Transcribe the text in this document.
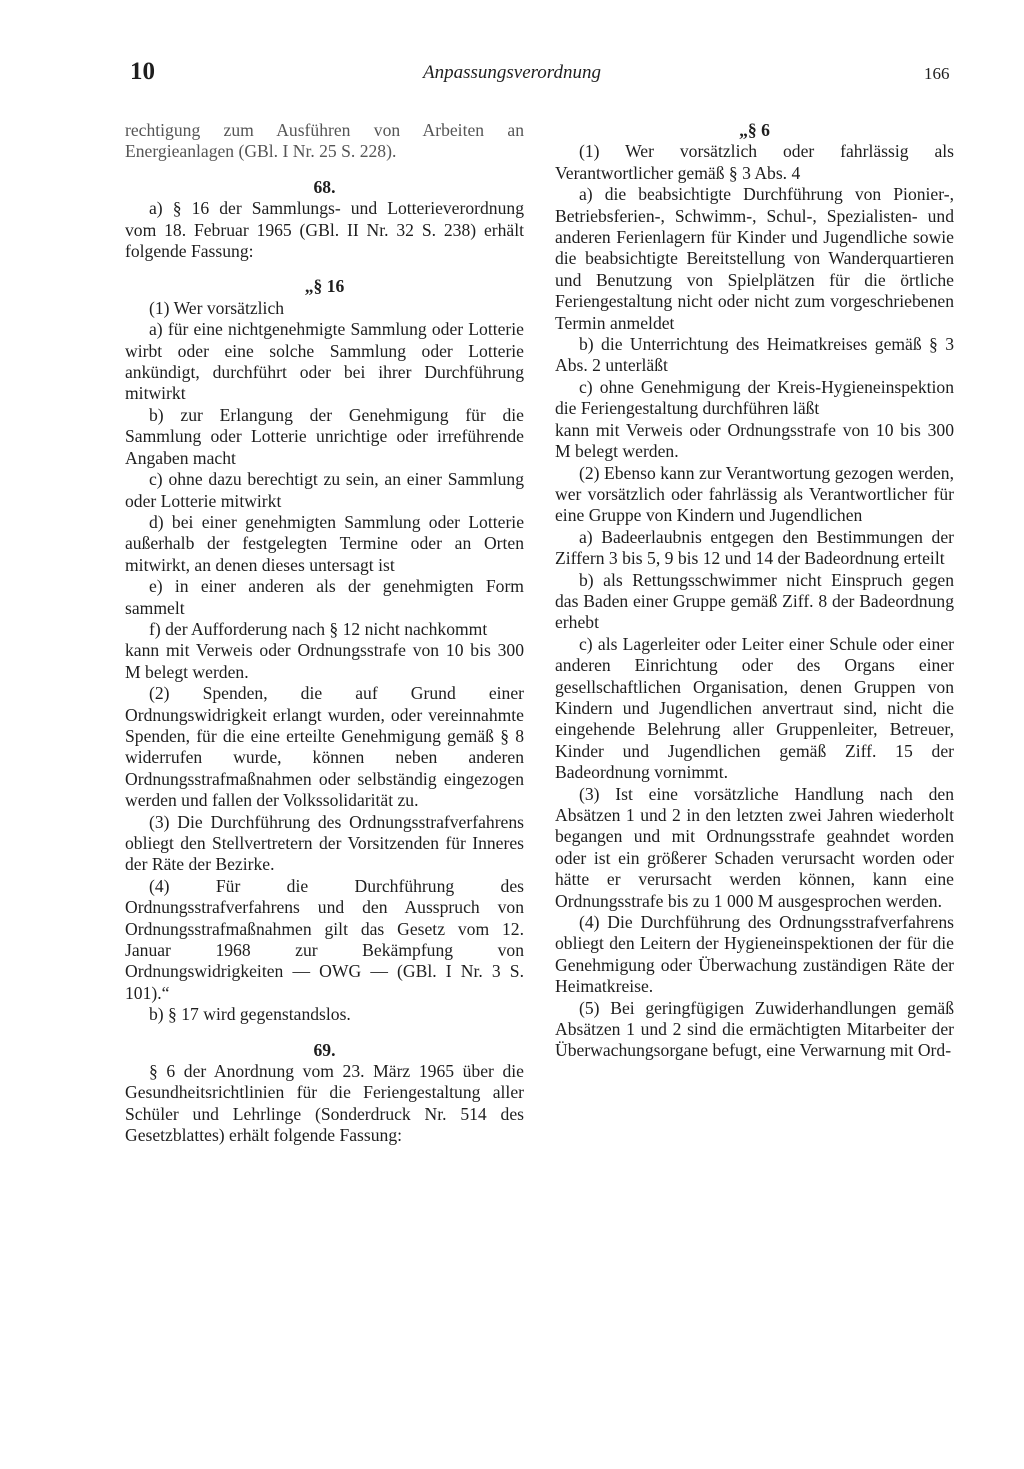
10	Anpassungsverordnung	166

rechtigung zum Ausführen von Arbeiten an Energieanlagen (GBl. I Nr. 25 S. 228).

68.

a) § 16 der Sammlungs- und Lotterieverordnung vom 18. Februar 1965 (GBl. II Nr. 32 S. 238) erhält folgende Fassung:

„§ 16

(1) Wer vorsätzlich

a) für eine nichtgenehmigte Sammlung oder Lotterie wirbt oder eine solche Sammlung oder Lotterie ankündigt, durchführt oder bei ihrer Durchführung mitwirkt

b) zur Erlangung der Genehmigung für die Sammlung oder Lotterie unrichtige oder irreführende Angaben macht

c) ohne dazu berechtigt zu sein, an einer Sammlung oder Lotterie mitwirkt

d) bei einer genehmigten Sammlung oder Lotterie außerhalb der festgelegten Termine oder an Orten mitwirkt, an denen dieses untersagt ist

e) in einer anderen als der genehmigten Form sammelt

f) der Aufforderung nach § 12 nicht nachkommt

kann mit Verweis oder Ordnungsstrafe von 10 bis 300 M belegt werden.

(2) Spenden, die auf Grund einer Ordnungswidrigkeit erlangt wurden, oder vereinnahmte Spenden, für die eine erteilte Genehmigung gemäß § 8 widerrufen wurde, können neben anderen Ordnungsstrafmaßnahmen oder selbständig eingezogen werden und fallen der Volkssolidarität zu.

(3) Die Durchführung des Ordnungsstrafverfahrens obliegt den Stellvertretern der Vorsitzenden für Inneres der Räte der Bezirke.

(4) Für die Durchführung des Ordnungsstrafverfahrens und den Ausspruch von Ordnungsstrafmaßnahmen gilt das Gesetz vom 12. Januar 1968 zur Bekämpfung von Ordnungswidrigkeiten — OWG — (GBl. I Nr. 3 S. 101).“

b) § 17 wird gegenstandslos.

69.

§ 6 der Anordnung vom 23. März 1965 über die Gesundheitsrichtlinien für die Feriengestaltung aller Schüler und Lehrlinge (Sonderdruck Nr. 514 des Gesetzblattes) erhält folgende Fassung:

„§ 6

(1) Wer vorsätzlich oder fahrlässig als Verantwortlicher gemäß § 3 Abs. 4

a) die beabsichtigte Durchführung von Pionier-, Betriebsferien-, Schwimm-, Schul-, Spezialisten- und anderen Ferienlagern für Kinder und Jugendliche sowie die beabsichtigte Bereitstellung von Wanderquartieren und Benutzung von Spielplätzen für die örtliche Feriengestaltung nicht oder nicht zum vorgeschriebenen Termin anmeldet

b) die Unterrichtung des Heimatkreises gemäß § 3 Abs. 2 unterläßt

c) ohne Genehmigung der Kreis-Hygieneinspektion die Feriengestaltung durchführen läßt

kann mit Verweis oder Ordnungsstrafe von 10 bis 300 M belegt werden.

(2) Ebenso kann zur Verantwortung gezogen werden, wer vorsätzlich oder fahrlässig als Verantwortlicher für eine Gruppe von Kindern und Jugendlichen

a) Badeerlaubnis entgegen den Bestimmungen der Ziffern 3 bis 5, 9 bis 12 und 14 der Badeordnung erteilt

b) als Rettungsschwimmer nicht Einspruch gegen das Baden einer Gruppe gemäß Ziff. 8 der Badeordnung erhebt

c) als Lagerleiter oder Leiter einer Schule oder einer anderen Einrichtung oder des Organs einer gesellschaftlichen Organisation, denen Gruppen von Kindern und Jugendlichen anvertraut sind, nicht die eingehende Belehrung aller Gruppenleiter, Betreuer, Kinder und Jugendlichen gemäß Ziff. 15 der Badeordnung vornimmt.

(3) Ist eine vorsätzliche Handlung nach den Absätzen 1 und 2 in den letzten zwei Jahren wiederholt begangen und mit Ordnungsstrafe geahndet worden oder ist ein größerer Schaden verursacht worden oder hätte er verursacht werden können, kann eine Ordnungsstrafe bis zu 1 000 M ausgesprochen werden.

(4) Die Durchführung des Ordnungsstrafverfahrens obliegt den Leitern der Hygieneinspektionen der für die Genehmigung oder Überwachung zuständigen Räte der Heimatkreise.

(5) Bei geringfügigen Zuwiderhandlungen gemäß Absätzen 1 und 2 sind die ermächtigten Mitarbeiter der Überwachungsorgane befugt, eine Verwarnung mit Ord-
